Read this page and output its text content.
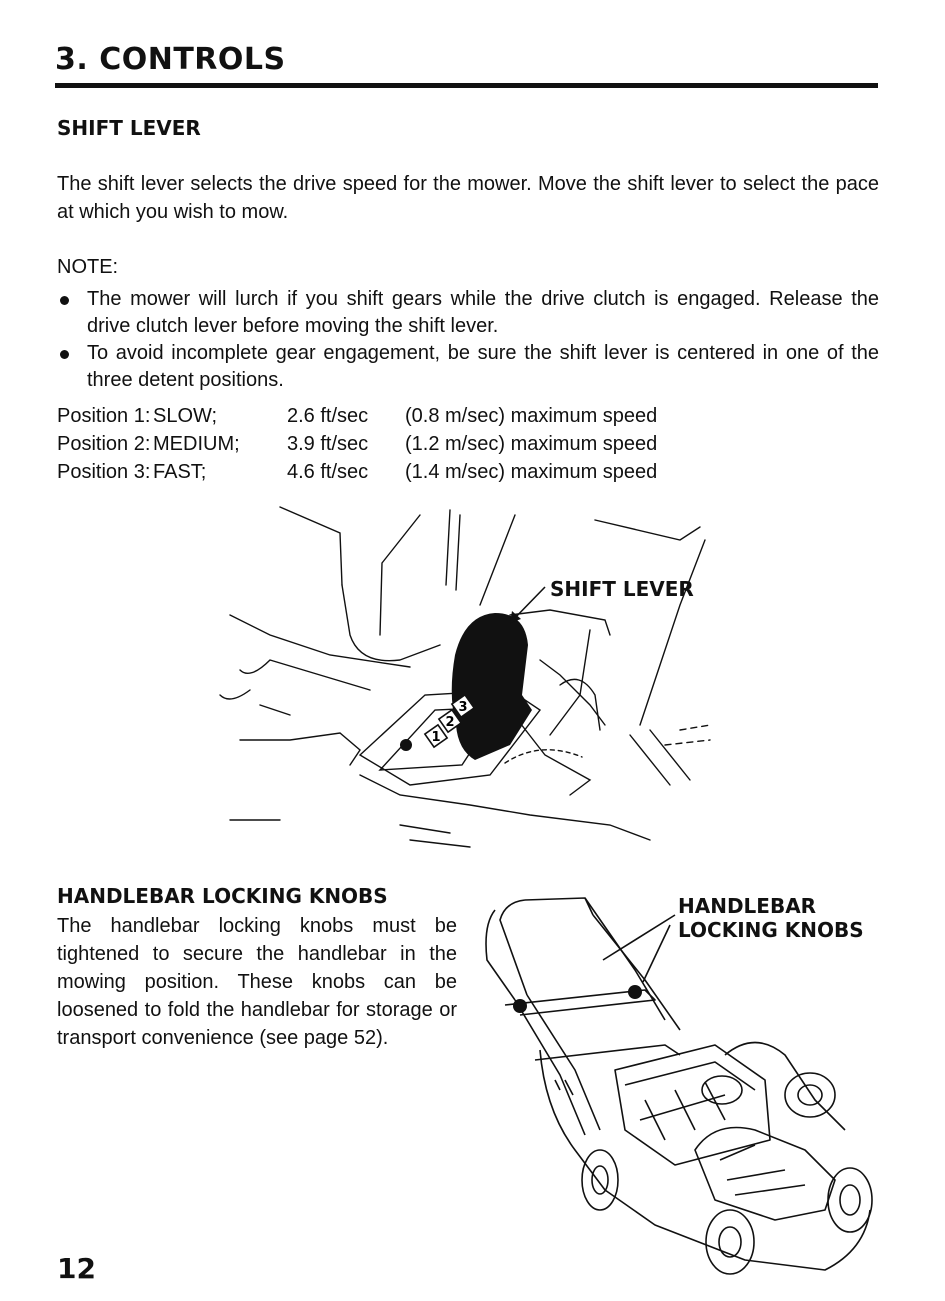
3. CONTROLS
SHIFT LEVER

The shift lever selects the drive speed for the mower. Move the shift lever to select the pace at which you wish to mow.

NOTE:

The mower will lurch if you shift gears while the drive clutch is engaged. Release the drive clutch lever before moving the shift lever.
To avoid incomplete gear engagement, be sure the shift lever is centered in one of the three detent positions.
Position 1:	SLOW;	2.6 ft/sec	(0.8 m/sec) maximum speed
Position 2:	MEDIUM;	3.9 ft/sec	(1.2 m/sec) maximum speed
Position 3:	FAST;	4.6 ft/sec	(1.4 m/sec) maximum speed
1
2
3

SHIFT LEVER

HANDLEBAR LOCKING KNOBS

The handlebar locking knobs must be tightened to secure the handlebar in the mowing position. These knobs can be loosened to fold the handlebar for storage or transport convenience (see page 52).

HANDLEBAR
LOCKING KNOBS

12
